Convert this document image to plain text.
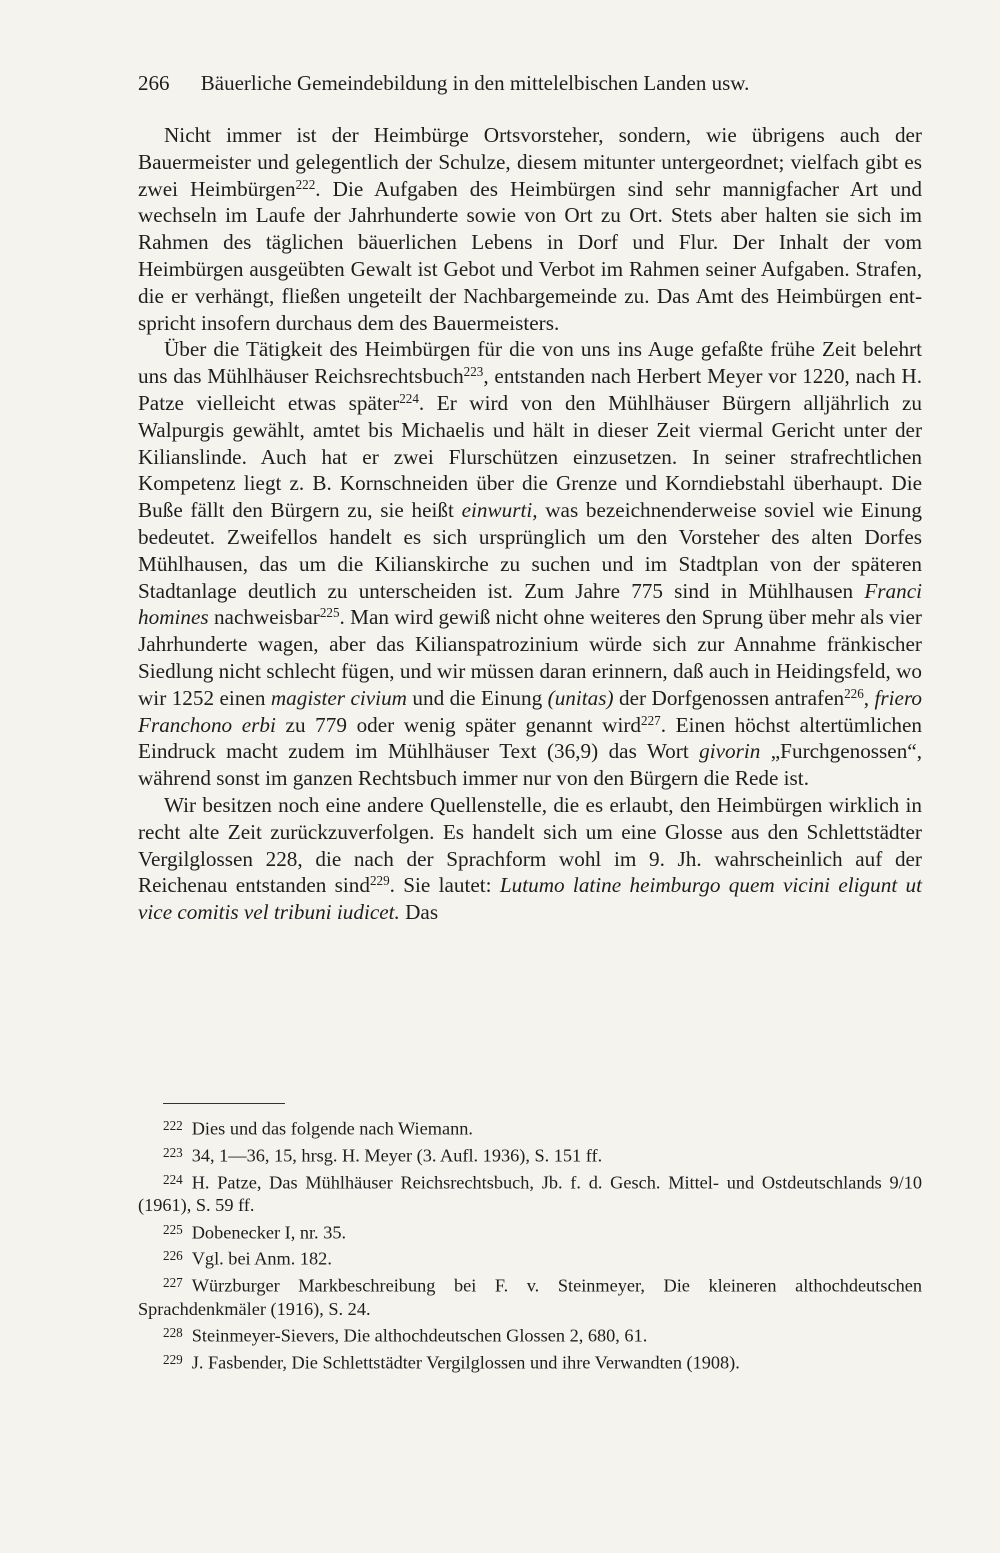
266 Bäuerliche Gemeindebildung in den mittelelbischen Landen usw.

Nicht immer ist der Heimbürge Ortsvorsteher, sondern, wie übrigens auch der Bauermeister und gelegentlich der Schulze, diesem mitunter untergeordnet; vielfach gibt es zwei Heimbürgen$^{222}$. Die Aufgaben des Heimbürgen sind sehr mannigfacher Art und wechseln im Laufe der Jahrhunderte sowie von Ort zu Ort. Stets aber halten sie sich im Rahmen des täglichen bäuerlichen Lebens in Dorf und Flur. Der Inhalt der vom Heimbürgen ausgeübten Gewalt ist Gebot und Verbot im Rahmen seiner Aufgaben. Strafen, die er verhängt, fließen ungeteilt der Nachbargemeinde zu. Das Amt des Heimbürgen entspricht insofern durchaus dem des Bauermeisters.

Über die Tätigkeit des Heimbürgen für die von uns ins Auge gefaßte frühe Zeit belehrt uns das Mühlhäuser Reichsrechtsbuch$^{223}$, entstanden nach Herbert Meyer vor 1220, nach H. Patze vielleicht etwas später$^{224}$. Er wird von den Mühlhäuser Bürgern alljährlich zu Walpurgis gewählt, amtet bis Michaelis und hält in dieser Zeit viermal Gericht unter der Kilianslinde. Auch hat er zwei Flurschützen einzusetzen. In seiner strafrechtlichen Kompetenz liegt z. B. Kornschneiden über die Grenze und Korndiebstahl überhaupt. Die Buße fällt den Bürgern zu, sie heißt einwurti, was bezeichnenderweise soviel wie Einung bedeutet. Zweifellos handelt es sich ursprünglich um den Vorsteher des alten Dorfes Mühlhausen, das um die Kilianskirche zu suchen und im Stadtplan von der späteren Stadtanlage deutlich zu unterscheiden ist. Zum Jahre 775 sind in Mühlhausen Franci homines nachweisbar$^{225}$. Man wird gewiß nicht ohne weiteres den Sprung über mehr als vier Jahrhunderte wagen, aber das Kilianspatrozinium würde sich zur Annahme fränkischer Siedlung nicht schlecht fügen, und wir müssen daran erinnern, daß auch in Heidingsfeld, wo wir 1252 einen magister civium und die Einung (unitas) der Dorfgenossen antrafen$^{226}$, friero Franchono erbi zu 779 oder wenig später genannt wird$^{227}$. Einen höchst altertümlichen Eindruck macht zudem im Mühlhäuser Text (36,9) das Wort givorin „Furchgenossen“, während sonst im ganzen Rechtsbuch immer nur von den Bürgern die Rede ist.

Wir besitzen noch eine andere Quellenstelle, die es erlaubt, den Heimbürgen wirklich in recht alte Zeit zurückzuverfolgen. Es handelt sich um eine Glosse aus den Schlettstädter Vergilglossen 228, die nach der Sprachform wohl im 9. Jh. wahrscheinlich auf der Reichenau entstanden sind$^{229}$. Sie lautet: Lutumo latine heimburgo quem vicini eligunt ut vice comitis vel tribuni iudicet. Das

$^{222}$ Dies und das folgende nach Wiemann.

$^{223}$ 34, 1—36, 15, hrsg. H. Meyer (3. Aufl. 1936), S. 151 ff.

$^{224}$ H. Patze, Das Mühlhäuser Reichsrechtsbuch, Jb. f. d. Gesch. Mittel- und Ostdeutschlands 9/10 (1961), S. 59 ff.

$^{225}$ Dobenecker I, nr. 35.

$^{226}$ Vgl. bei Anm. 182.

$^{227}$ Würzburger Markbeschreibung bei F. v. Steinmeyer, Die kleineren althochdeutschen Sprachdenkmäler (1916), S. 24.

$^{228}$ Steinmeyer-Sievers, Die althochdeutschen Glossen 2, 680, 61.

$^{229}$ J. Fasbender, Die Schlettstädter Vergilglossen und ihre Verwandten (1908).
